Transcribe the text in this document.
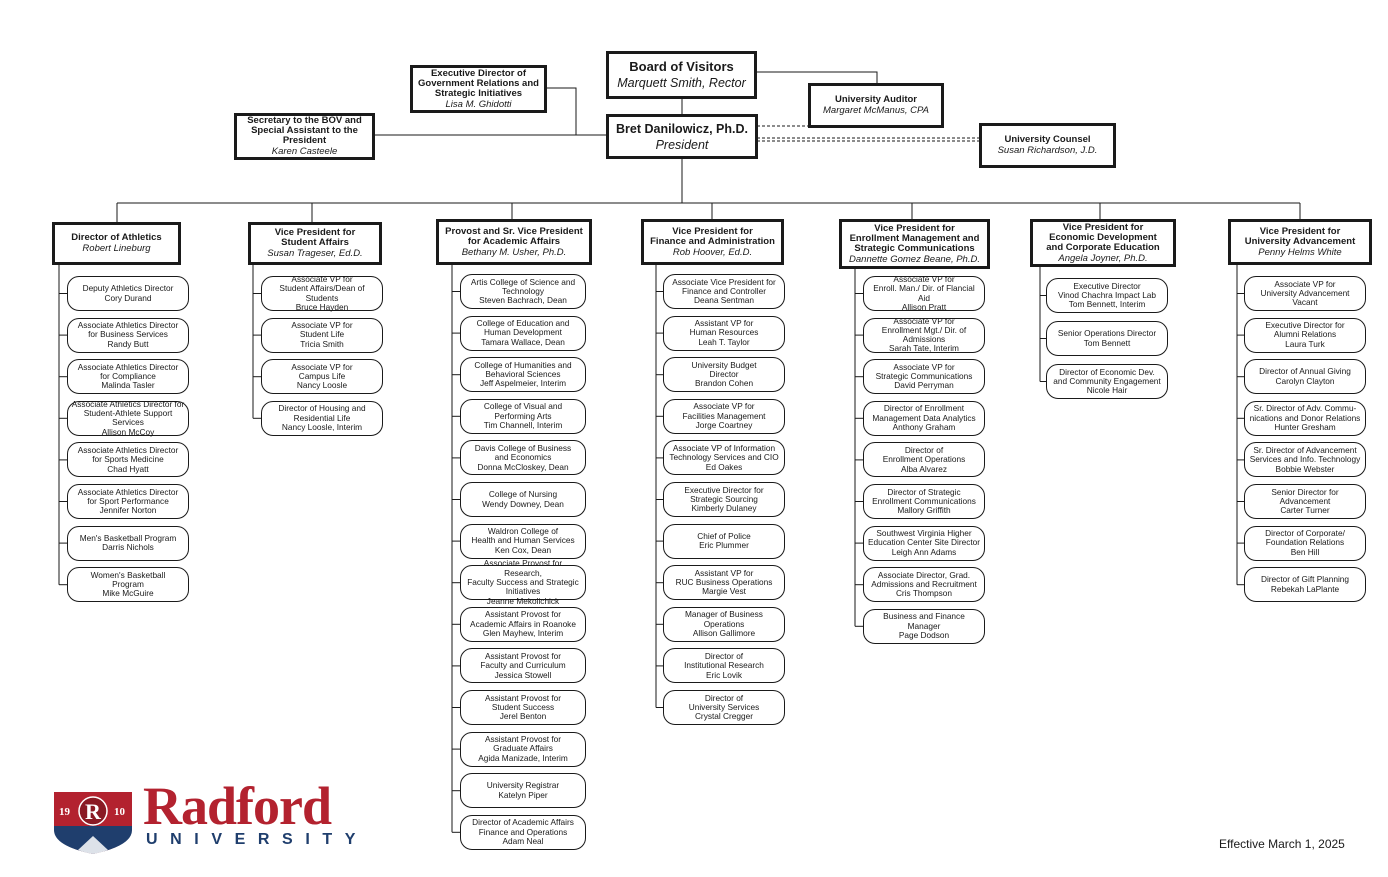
Board of Visitors
Marquett Smith, Rector
Executive Director of
Government Relations and
Strategic Initiatives
Lisa M. Ghidotti	University Auditor
Margaret McManus, CPA
Secretary to the BOV and
Special Assistant to the
President
Karen Casteele
Bret Danilowicz, Ph.D.
President	University Counsel
Susan Richardson, J.D.
Director of Athletics
Robert Lineburg
Deputy Athletics Director
Cory Durand
Associate Athletics Director
for Business Services
Randy Butt
Associate Athletics Director
for Compliance
Malinda Tasler
Associate Athletics Director for
Student-Athlete Support Services
Allison McCoy
Associate Athletics Director
for Sports Medicine
Chad Hyatt
Associate Athletics Director
for Sport Performance
Jennifer Norton
Men's Basketball Program
Darris Nichols
Women's Basketball
Program
Mike McGuire
Vice President for
Student Affairs
Susan Trageser, Ed.D.
Associate VP for
Student Affairs/Dean of Students
Bruce Hayden
Associate VP for
Student Life
Tricia Smith
Associate VP for
Campus Life
Nancy Loosle
Director of Housing and
Residential Life
Nancy Loosle, Interim
Provost and Sr. Vice President
for Academic Affairs
Bethany M. Usher, Ph.D.
Artis College of Science and
Technology
Steven Bachrach, Dean
College of Education and
Human Development
Tamara Wallace, Dean
College of Humanities and
Behavioral Sciences
Jeff Aspelmeier, Interim
College of Visual and
Performing Arts
Tim Channell, Interim
Davis College of Business
and Economics
Donna McCloskey, Dean
College of Nursing
Wendy Downey, Dean
Waldron College of
Health and Human Services
Ken Cox, Dean
Associate Provost for Research,
Faculty Success and Strategic Initiatives
Jeanne Mekolichick
Assistant Provost for
Academic Affairs in Roanoke
Glen Mayhew, Interim
Assistant Provost for
Faculty and Curriculum
Jessica Stowell
Assistant Provost for
Student Success
Jerel Benton
Assistant Provost for
Graduate Affairs
Agida Manizade, Interim
University Registrar
Katelyn Piper
Director of Academic Affairs
Finance and Operations
Adam Neal
Vice President for
Finance and Administration
Rob Hoover, Ed.D.
Associate Vice President for
Finance and Controller
Deana Sentman
Assistant VP for
Human Resources
Leah T. Taylor
University Budget
Director
Brandon Cohen
Associate VP for
Facilities Management
Jorge Coartney
Associate VP of Information
Technology Services and CIO
Ed Oakes
Executive Director for
Strategic Sourcing
Kimberly Dulaney
Chief of Police
Eric Plummer
Assistant VP for
RUC Business Operations
Margie Vest
Manager of Business
Operations
Allison Gallimore
Director of
Institutional Research
Eric Lovik
Director of
University Services
Crystal Cregger
Vice President for
Enrollment Management and
Strategic Communications
Dannette Gomez Beane, Ph.D.
Associate VP for
Enroll. Man./ Dir. of Flancial Aid
Allison Pratt
Associate VP for
Enrollment Mgt./ Dir. of Admissions
Sarah Tate, Interim
Associate VP for
Strategic Communications
David Perryman
Director of Enrollment
Management Data Analytics
Anthony Graham
Director of
Enrollment Operations
Alba Alvarez
Director of Strategic
Enrollment Communications
Mallory Griffith
Southwest Virginia Higher
Education Center Site Director
Leigh Ann Adams
Associate Director, Grad.
Admissions and Recruitment
Cris Thompson
Business and Finance
Manager
Page Dodson
Vice President for
Economic Development
and Corporate Education
Angela Joyner, Ph.D.
Executive Director
Vinod Chachra Impact Lab
Tom Bennett, Interim
Senior Operations Director
Tom Bennett
Director of Economic Dev.
and Community Engagement
Nicole Hair
Vice President for
University Advancement
Penny Helms White
Associate VP for
University Advancement
Vacant
Executive Director for
Alumni Relations
Laura Turk
Director of Annual Giving
Carolyn Clayton
Sr. Director of Adv. Commu-
nications and Donor Relations
Hunter Gresham
Sr. Director of Advancement
Services and Info. Technology
Bobbie Webster
Senior Director for
Advancement
Carter Turner
Director of Corporate/
Foundation Relations
Ben Hill
Director of Gift Planning
Rebekah LaPlante
19 R 10 Radford
UNIVERSITY	Effective March 1, 2025
